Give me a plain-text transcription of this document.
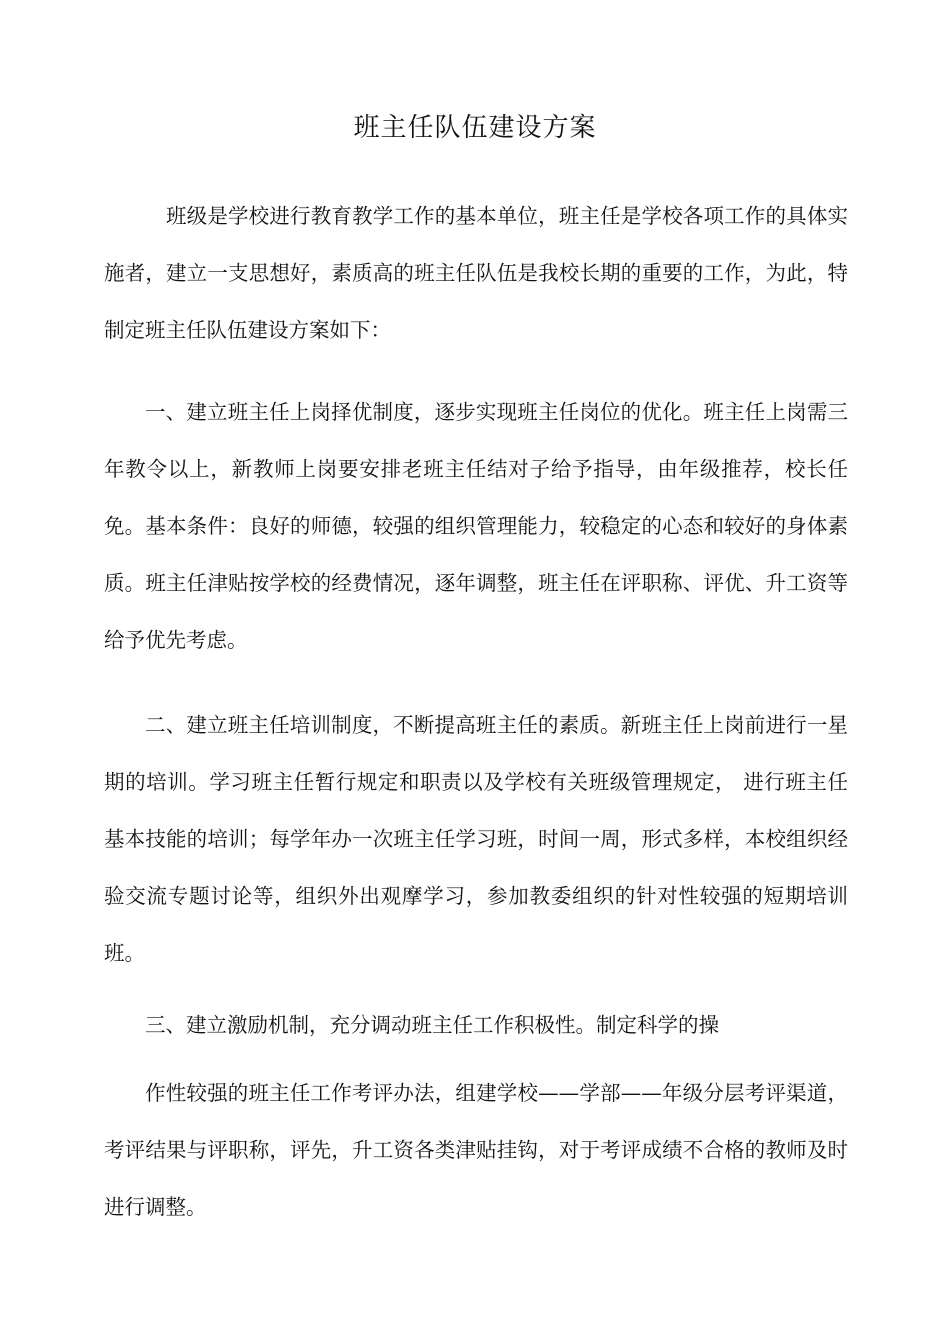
班主任队伍建设方案

班级是学校进行教育教学工作的基本单位，班主任是学校各项工作的具体实施者，建立一支思想好，素质高的班主任队伍是我校长期的重要的工作，为此，特制定班主任队伍建设方案如下：

一、建立班主任上岗择优制度，逐步实现班主任岗位的优化。班主任上岗需三年教令以上，新教师上岗要安排老班主任结对子给予指导，由年级推荐，校长任免。基本条件：良好的师德，较强的组织管理能力，较稳定的心态和较好的身体素质。班主任津贴按学校的经费情况，逐年调整，班主任在评职称、评优、升工资等给予优先考虑。

二、建立班主任培训制度，不断提高班主任的素质。新班主任上岗前进行一星期的培训。学习班主任暂行规定和职责以及学校有关班级管理规定， 进行班主任基本技能的培训；每学年办一次班主任学习班，时间一周，形式多样，本校组织经验交流专题讨论等，组织外出观摩学习，参加教委组织的针对性较强的短期培训班。

三、建立激励机制，充分调动班主任工作积极性。制定科学的操

作性较强的班主任工作考评办法，组建学校——学部——年级分层考评渠道，考评结果与评职称，评先，升工资各类津贴挂钩，对于考评成绩不合格的教师及时进行调整。
